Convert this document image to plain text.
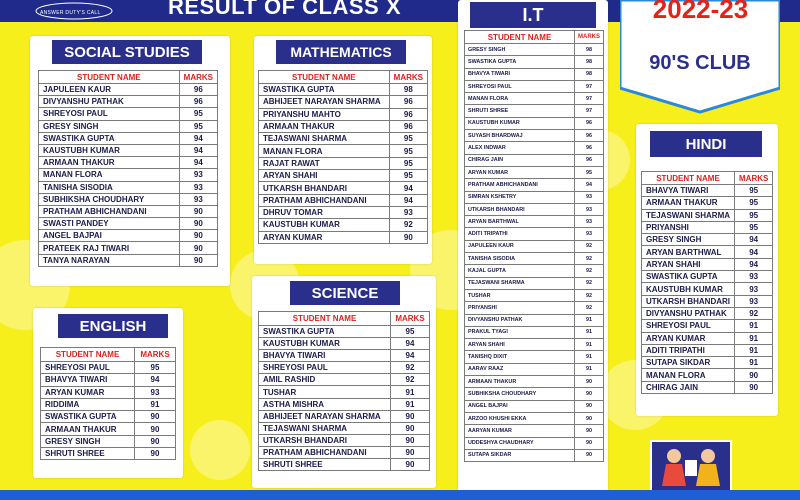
ANSWER DUTY'S CALL	RESULT OF CLASS X	2022-23
90'S CLUB
SOCIAL STUDIES
STUDENT NAME	MARKS
JAPULEEN KAUR	96
DIVYANSHU PATHAK	96
SHREYOSI PAUL	95
GRESY SINGH	95
SWASTIKA GUPTA	94
KAUSTUBH KUMAR	94
ARMAAN THAKUR	94
MANAN FLORA	93
TANISHA SISODIA	93
SUBHIKSHA CHOUDHARY	93
PRATHAM ABHICHANDANI	90
SWASTI PANDEY	90
ANGEL BAJPAI	90
PRATEEK RAJ TIWARI	90
TANYA NARAYAN	90
ENGLISH
STUDENT NAME	MARKS
SHREYOSI PAUL	95
BHAVYA TIWARI	94
ARYAN KUMAR	93
RIDDIMA	91
SWASTIKA GUPTA	90
ARMAAN THAKUR	90
GRESY SINGH	90
SHRUTI SHREE	90
MATHEMATICS
STUDENT NAME	MARKS
SWASTIKA GUPTA	98
ABHIJEET NARAYAN SHARMA	96
PRIYANSHU MAHTO	96
ARMAAN THAKUR	96
TEJASWANI SHARMA	95
MANAN FLORA	95
RAJAT RAWAT	95
ARYAN SHAHI	95
UTKARSH BHANDARI	94
PRATHAM ABHICHANDANI	94
DHRUV TOMAR	93
KAUSTUBH KUMAR	92
ARYAN KUMAR	90
SCIENCE
STUDENT NAME	MARKS
SWASTIKA GUPTA	95
KAUSTUBH KUMAR	94
BHAVYA TIWARI	94
SHREYOSI PAUL	92
AMIL RASHID	92
TUSHAR	91
ASTHA MISHRA	91
ABHIJEET NARAYAN SHARMA	90
TEJASWANI SHARMA	90
UTKARSH BHANDARI	90
PRATHAM ABHICHANDANI	90
SHRUTI SHREE	90
I.T
STUDENT NAME	MARKS
GRESY SINGH	98
SWASTIKA GUPTA	98
BHAVYA TIWARI	98
SHREYOSI PAUL	97
MANAN FLORA	97
SHRUTI SHREE	97
KAUSTUBH KUMAR	96
SUYASH BHARDWAJ	96
ALEX INDWAR	96
CHIRAG JAIN	96
ARYAN KUMAR	95
PRATHAM ABHICHANDANI	94
SIMRAN KSHETRY	93
UTKARSH BHANDARI	93
ARYAN BARTHWAL	93
ADITI TRIPATHI	93
JAPULEEN KAUR	92
TANISHA SISODIA	92
KAJAL GUPTA	92
TEJASWANI SHARMA	92
TUSHAR	92
PRIYANSHI	92
DIVYANSHU PATHAK	91
PRAKUL TYAGI	91
ARYAN SHAHI	91
TANISHQ DIXIT	91
AARAV RAAZ	91
ARMAAN THAKUR	90
SUBHIKSHA CHOUDHARY	90
ANGEL BAJPAI	90
ARZOO KHUSHI EKKA	90
AARYAN KUMAR	90
UDDESHYA CHAUDHARY	90
SUTAPA SIKDAR	90
HINDI
STUDENT NAME	MARKS
BHAVYA TIWARI	95
ARMAAN THAKUR	95
TEJASWANI SHARMA	95
PRIYANSHI	95
GRESY SINGH	94
ARYAN BARTHWAL	94
ARYAN SHAHI	94
SWASTIKA GUPTA	93
KAUSTUBH KUMAR	93
UTKARSH BHANDARI	93
DIVYANSHU PATHAK	92
SHREYOSI PAUL	91
ARYAN KUMAR	91
ADITI TRIPATHI	91
SUTAPA SIKDAR	91
MANAN FLORA	90
CHIRAG JAIN	90
